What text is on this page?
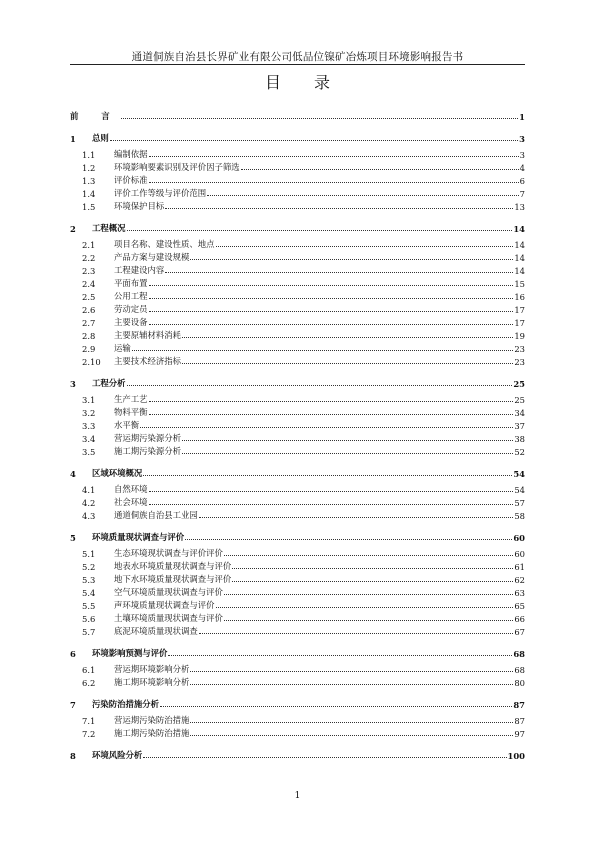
通道侗族自治县长界矿业有限公司低品位镍矿冶炼项目环境影响报告书
目 录
前 言	1
1	总则	3
1.1	编制依据	3
1.2	环境影响要素识别及评价因子筛选	4
1.3	评价标准	6
1.4	评价工作等级与评价范围	7
1.5	环境保护目标	13
2	工程概况	14
2.1	项目名称、建设性质、地点	14
2.2	产品方案与建设规模	14
2.3	工程建设内容	14
2.4	平面布置	15
2.5	公用工程	16
2.6	劳动定员	17
2.7	主要设备	17
2.8	主要原辅材料消耗	19
2.9	运输	23
2.10	主要技术经济指标	23
3	工程分析	25
3.1	生产工艺	25
3.2	物料平衡	34
3.3	水平衡	37
3.4	营运期污染源分析	38
3.5	施工期污染源分析	52
4	区域环境概况	54
4.1	自然环境	54
4.2	社会环境	57
4.3	通道侗族自治县工业园	58
5	环境质量现状调查与评价	60
5.1	生态环境现状调查与评价评价	60
5.2	地表水环境质量现状调查与评价	61
5.3	地下水环境质量现状调查与评价	62
5.4	空气环境质量现状调查与评价	63
5.5	声环境质量现状调查与评价	65
5.6	土壤环境质量现状调查与评价	66
5.7	底泥环境质量现状调查	67
6	环境影响预测与评价	68
6.1	营运期环境影响分析	68
6.2	施工期环境影响分析	80
7	污染防治措施分析	87
7.1	营运期污染防治措施	87
7.2	施工期污染防治措施	97
8	环境风险分析	100
1
